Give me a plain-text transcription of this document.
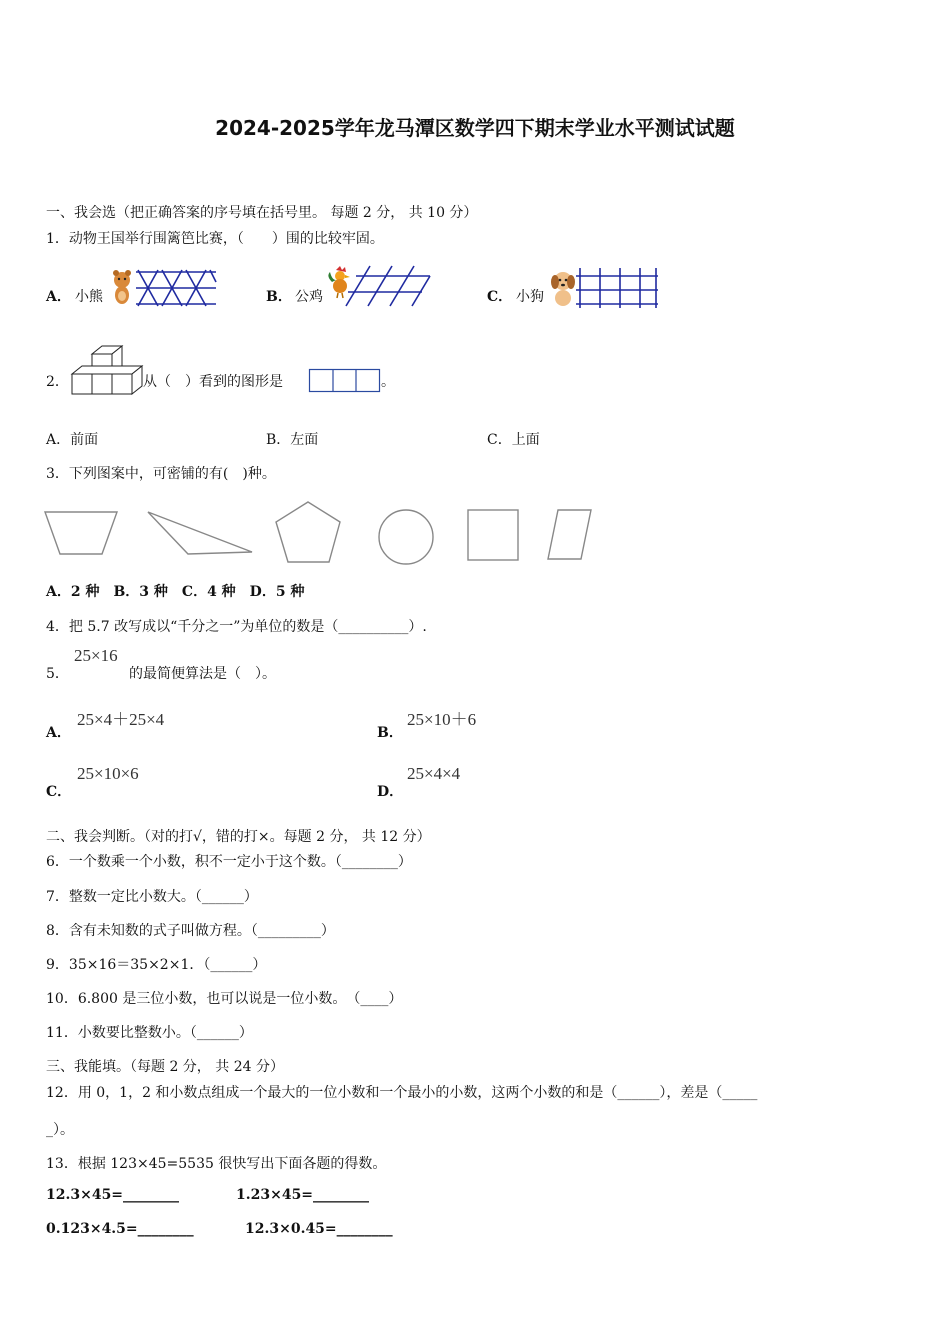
2024-2025学年龙马潭区数学四下期末学业水平测试试题
一、我会选（把正确答案的序号填在括号里。 每题 2 分， 共 10 分）
1．动物王国举行围篱笆比赛，（　　）围的比较牢固。
A． 小熊	B． 公鸡	C． 小狗
2．	从（　）看到的图形是	。
A．前面	B．左面	C．上面
3．下列图案中，可密铺的有(　)种。
A．2 种　B．3 种　C．4 种　D．5 种
4．把 5.7 改写成以“千分之一”为单位的数是（__________）.
5．
25×16
的最简便算法是（　）。
A．
25×4＋25×4
B．
25×10＋6
C．
25×10×6
D．
25×4×4
二、我会判断。（对的打√，错的打×。每题 2 分， 共 12 分）
6．一个数乘一个小数，积不一定小于这个数。（________）
7．整数一定比小数大。（______）
8．含有未知数的式子叫做方程。（_________）
9．35×16＝35×2×1．（______）
10．6.800 是三位小数，也可以说是一位小数。　（____）
11．小数要比整数小。（______）
三、我能填。（每题 2 分， 共 24 分）
12．用 0，1，2 和小数点组成一个最大的一位小数和一个最小的小数，这两个小数的和是（______），差是（_____
_）。
13．根据 123×45=5535 很快写出下面各题的得数。
12.3×45=________	1.23×45=________
0.123×4.5=________	12.3×0.45=________
